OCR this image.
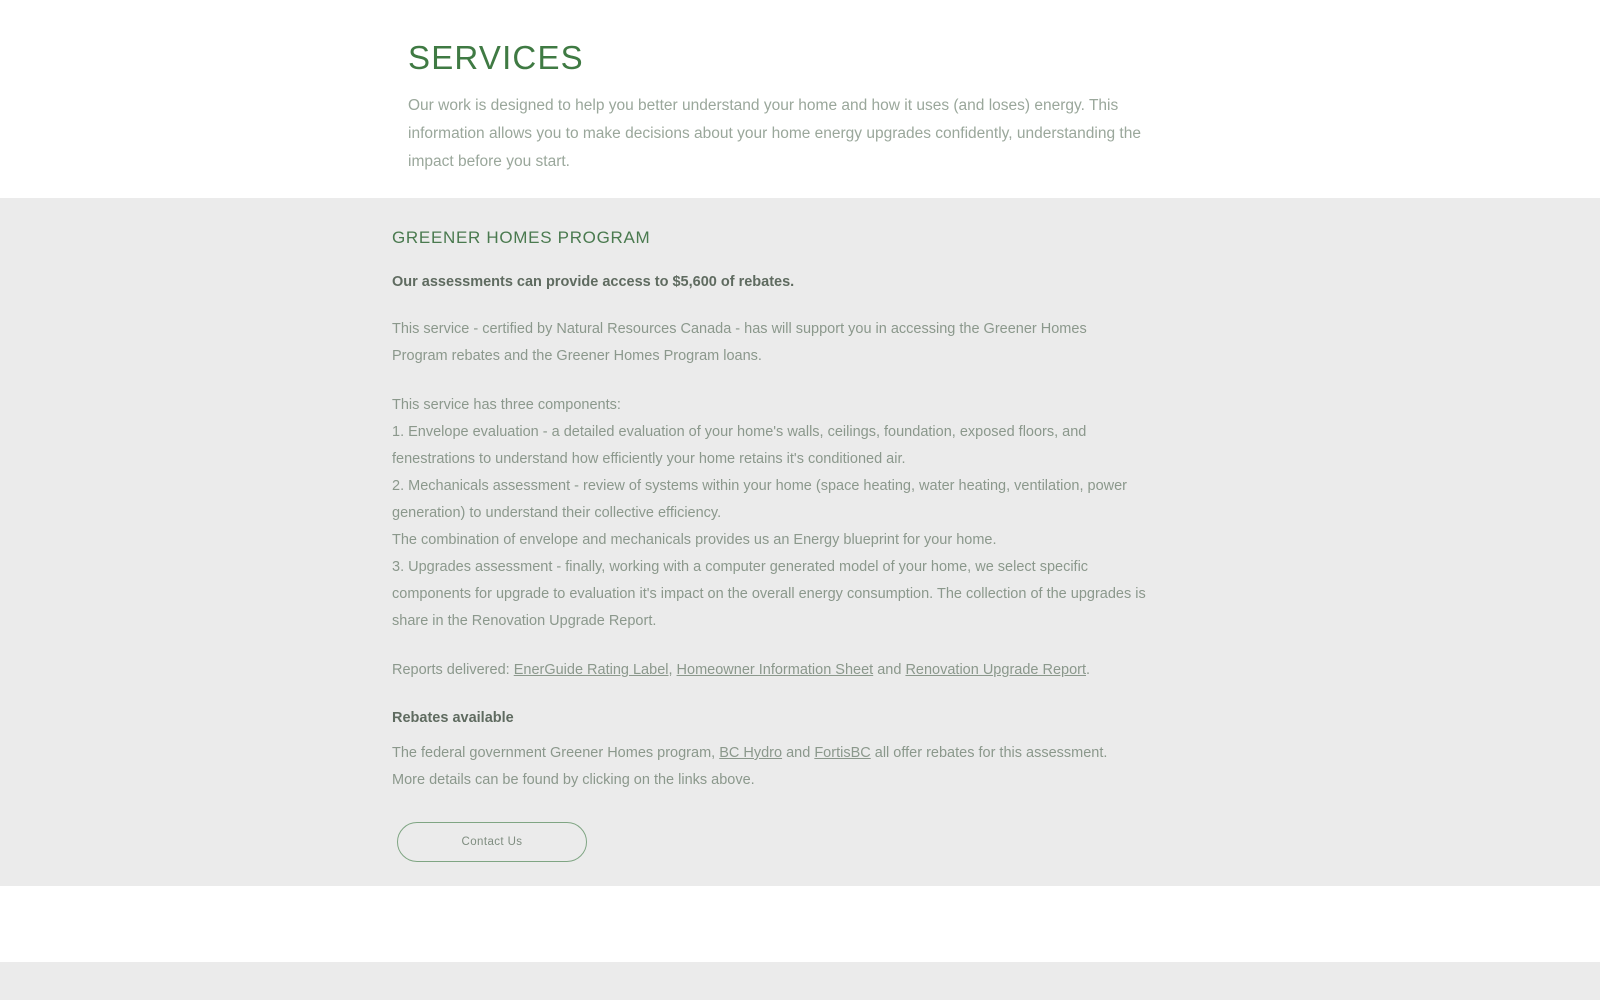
SERVICES

Our work is designed to help you better understand your home and how it uses (and loses) energy. This information allows you to make decisions about your home energy upgrades confidently, understanding the impact before you start.

GREENER HOMES PROGRAM

Our assessments can provide access to $5,600 of rebates.

This service - certified by Natural Resources Canada - has will support you in accessing the Greener Homes Program rebates and the Greener Homes Program loans.

This service has three components:
1. Envelope evaluation - a detailed evaluation of your home's walls, ceilings, foundation, exposed floors, and fenestrations to understand how efficiently your home retains it's conditioned air.
2. Mechanicals assessment - review of systems within your home (space heating, water heating, ventilation, power generation) to understand their collective efficiency.
The combination of envelope and mechanicals provides us an Energy blueprint for your home.
3. Upgrades assessment - finally, working with a computer generated model of your home, we select specific components for upgrade to evaluation it's impact on the overall energy consumption. The collection of the upgrades is share in the Renovation Upgrade Report.

Reports delivered: EnerGuide Rating Label, Homeowner Information Sheet and Renovation Upgrade Report.

Rebates available

The federal government Greener Homes program, BC Hydro and FortisBC all offer rebates for this assessment. More details can be found by clicking on the links above.

Contact Us
